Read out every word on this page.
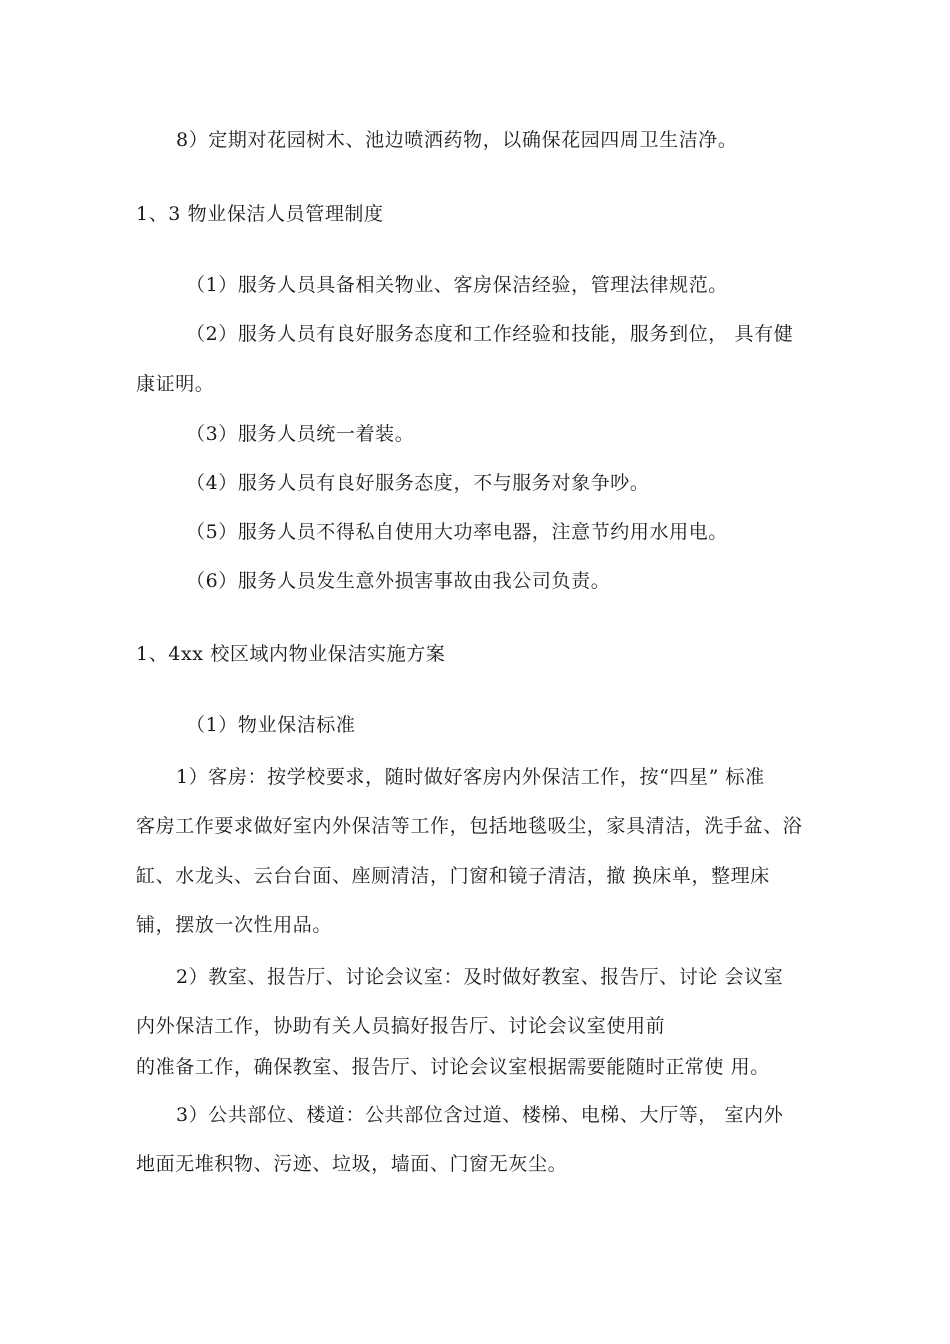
8）定期对花园树木、池边喷洒药物，以确保花园四周卫生洁净。
1、3 物业保洁人员管理制度
（1）服务人员具备相关物业、客房保洁经验，管理法律规范。
（2）服务人员有良好服务态度和工作经验和技能，服务到位， 具有健
康证明。
（3）服务人员统一着装。
（4）服务人员有良好服务态度，不与服务对象争吵。
（5）服务人员不得私自使用大功率电器，注意节约用水用电。
（6）服务人员发生意外损害事故由我公司负责。
1、4xx 校区域内物业保洁实施方案
（1）物业保洁标准
1）客房：按学校要求，随时做好客房内外保洁工作，按“四星” 标准
客房工作要求做好室内外保洁等工作，包括地毯吸尘，家具清洁，洗手盆、浴
缸、水龙头、云台台面、座厕清洁，门窗和镜子清洁，撤 换床单，整理床
铺，摆放一次性用品。
2）教室、报告厅、讨论会议室：及时做好教室、报告厅、讨论 会议室
内外保洁工作，协助有关人员搞好报告厅、讨论会议室使用前
的准备工作，确保教室、报告厅、讨论会议室根据需要能随时正常使 用。
3）公共部位、楼道：公共部位含过道、楼梯、电梯、大厅等， 室内外
地面无堆积物、污迹、垃圾，墙面、门窗无灰尘。
